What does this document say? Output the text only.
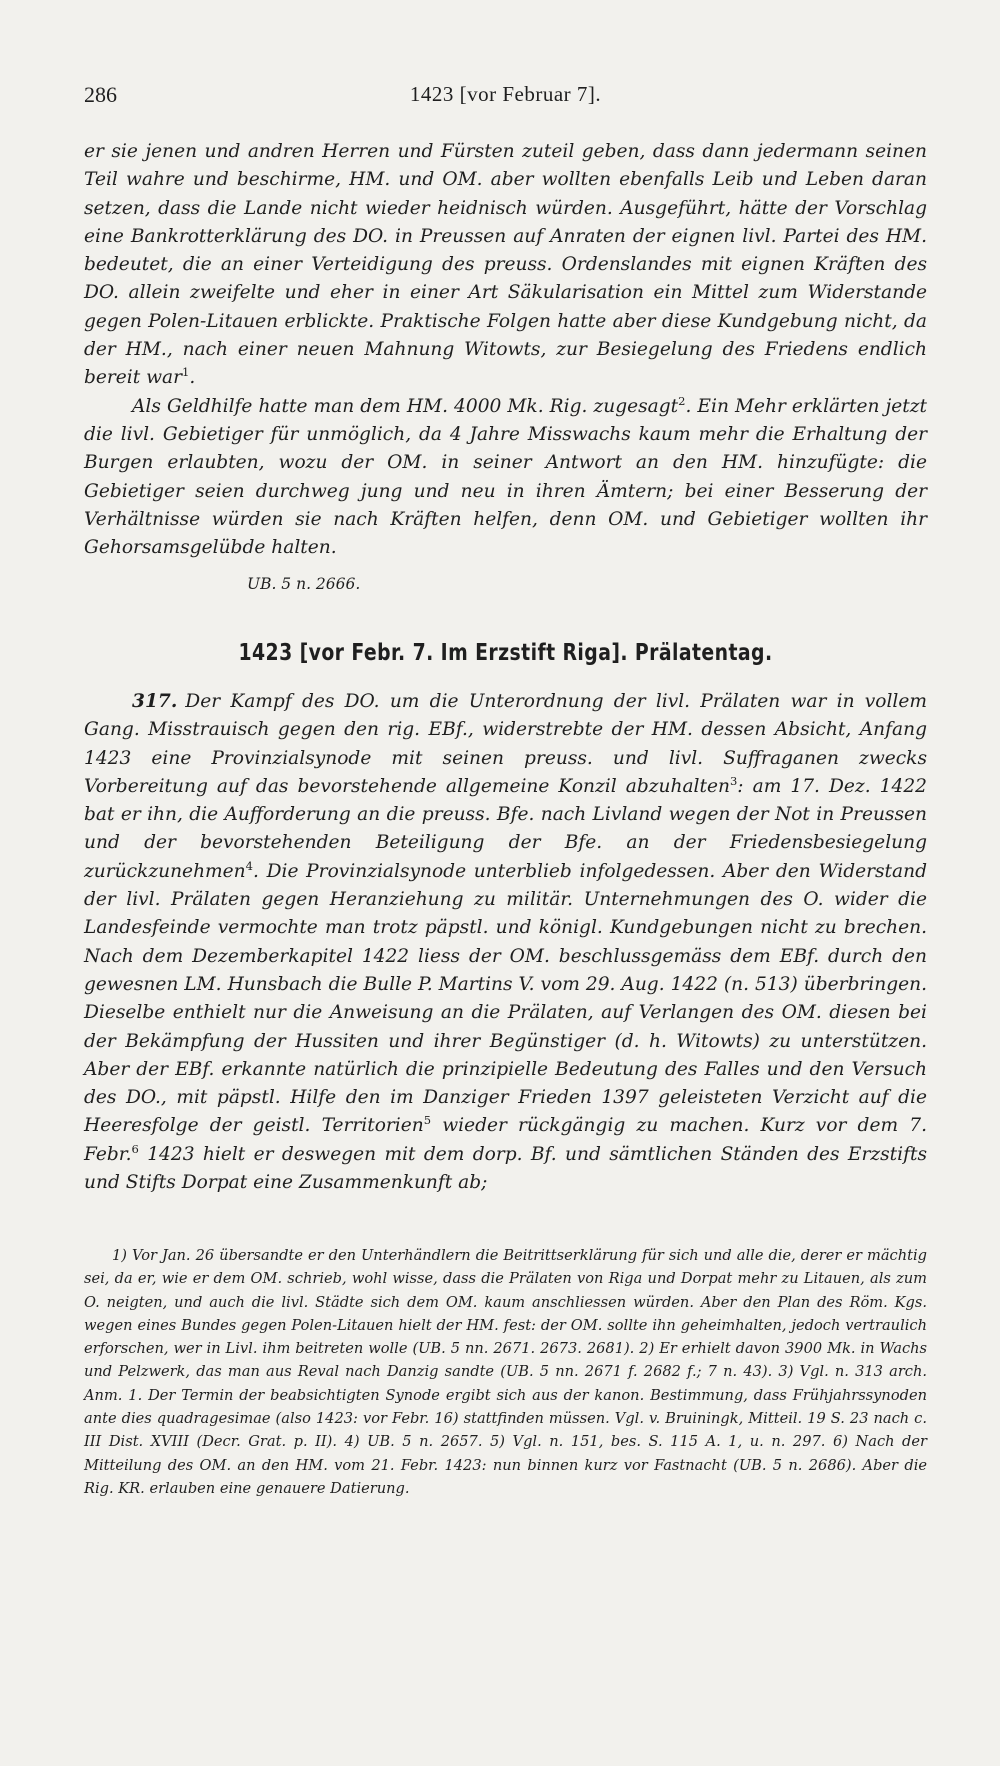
286	1423 [vor Februar 7].

er sie jenen und andren Herren und Fürsten zuteil geben, dass dann jedermann seinen Teil wahre und beschirme, HM. und OM. aber wollten ebenfalls Leib und Leben daran setzen, dass die Lande nicht wieder heidnisch würden. Ausgeführt, hätte der Vorschlag eine Bankrotterklärung des DO. in Preussen auf Anraten der eignen livl. Partei des HM. bedeutet, die an einer Verteidigung des preuss. Ordenslandes mit eignen Kräften des DO. allein zweifelte und eher in einer Art Säkularisation ein Mittel zum Widerstande gegen Polen-Litauen erblickte. Praktische Folgen hatte aber diese Kundgebung nicht, da der HM., nach einer neuen Mahnung Witowts, zur Besiegelung des Friedens endlich bereit war$^1$.

Als Geldhilfe hatte man dem HM. 4000 Mk. Rig. zugesagt$^2$. Ein Mehr erklärten jetzt die livl. Gebietiger für unmöglich, da 4 Jahre Misswachs kaum mehr die Erhaltung der Burgen erlaubten, wozu der OM. in seiner Antwort an den HM. hinzufügte: die Gebietiger seien durchweg jung und neu in ihren Ämtern; bei einer Besserung der Verhältnisse würden sie nach Kräften helfen, denn OM. und Gebietiger wollten ihr Gehorsamsgelübde halten.

UB. 5 n. 2666.
1423 [vor Febr. 7. Im Erzstift Riga]. Prälatentag.

317. Der Kampf des DO. um die Unterordnung der livl. Prälaten war in vollem Gang. Misstrauisch gegen den rig. EBf., widerstrebte der HM. dessen Absicht, Anfang 1423 eine Provinzialsynode mit seinen preuss. und livl. Suffraganen zwecks Vorbereitung auf das bevorstehende allgemeine Konzil abzuhalten$^3$: am 17. Dez. 1422 bat er ihn, die Aufforderung an die preuss. Bfe. nach Livland wegen der Not in Preussen und der bevorstehenden Beteiligung der Bfe. an der Friedensbesiegelung zurückzunehmen$^4$. Die Provinzialsynode unterblieb infolgedessen. Aber den Widerstand der livl. Prälaten gegen Heranziehung zu militär. Unternehmungen des O. wider die Landesfeinde vermochte man trotz päpstl. und königl. Kundgebungen nicht zu brechen. Nach dem Dezemberkapitel 1422 liess der OM. beschlussgemäss dem EBf. durch den gewesnen LM. Hunsbach die Bulle P. Martins V. vom 29. Aug. 1422 (n. 513) überbringen. Dieselbe enthielt nur die Anweisung an die Prälaten, auf Verlangen des OM. diesen bei der Bekämpfung der Hussiten und ihrer Begünstiger (d. h. Witowts) zu unterstützen. Aber der EBf. erkannte natürlich die prinzipielle Bedeutung des Falles und den Versuch des DO., mit päpstl. Hilfe den im Danziger Frieden 1397 geleisteten Verzicht auf die Heeresfolge der geistl. Territorien$^5$ wieder rückgängig zu machen. Kurz vor dem 7. Febr.$^6$ 1423 hielt er deswegen mit dem dorp. Bf. und sämtlichen Ständen des Erzstifts und Stifts Dorpat eine Zusammenkunft ab;

1) Vor Jan. 26 übersandte er den Unterhändlern die Beitrittserklärung für sich und alle die, derer er mächtig sei, da er, wie er dem OM. schrieb, wohl wisse, dass die Prälaten von Riga und Dorpat mehr zu Litauen, als zum O. neigten, und auch die livl. Städte sich dem OM. kaum anschliessen würden. Aber den Plan des Röm. Kgs. wegen eines Bundes gegen Polen-Litauen hielt der HM. fest: der OM. sollte ihn geheimhalten, jedoch vertraulich erforschen, wer in Livl. ihm beitreten wolle (UB. 5 nn. 2671. 2673. 2681). 2) Er erhielt davon 3900 Mk. in Wachs und Pelzwerk, das man aus Reval nach Danzig sandte (UB. 5 nn. 2671 f. 2682 f.; 7 n. 43). 3) Vgl. n. 313 arch. Anm. 1. Der Termin der beabsichtigten Synode ergibt sich aus der kanon. Bestimmung, dass Frühjahrssynoden ante dies quadragesimae (also 1423: vor Febr. 16) stattfinden müssen. Vgl. v. Bruiningk, Mitteil. 19 S. 23 nach c. III Dist. XVIII (Decr. Grat. p. II). 4) UB. 5 n. 2657. 5) Vgl. n. 151, bes. S. 115 A. 1, u. n. 297. 6) Nach der Mitteilung des OM. an den HM. vom 21. Febr. 1423: nun binnen kurz vor Fastnacht (UB. 5 n. 2686). Aber die Rig. KR. erlauben eine genauere Datierung.
